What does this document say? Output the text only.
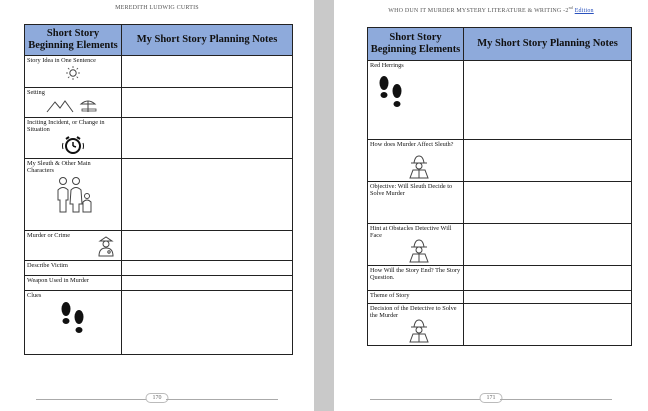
MEREDITH LUDWIG CURTIS
Short Story Beginning Elements	My Short Story Planning Notes

Story Idea in One Sentence	

Setting	

Inciting Incident, or Change in Situation	

My Sleuth & Other Main Characters	

Murder or Crime	

Describe Victim	

Weapon Used in Murder	

Clues	

170
WHO DUN IT MURDER MYSTERY LITERATURE & WRITING -2nd Edition
Short Story Beginning Elements	My Short Story Planning Notes

Red Herrings	

How does Murder Affect Sleuth?	

Objective: Will Sleuth Decide to Solve Murder	

Hint at Obstacles Detective Will Face	

How Will the Story End? The Story Question.	

Theme of Story	

Decision of the Detective to Solve the Murder	

171
